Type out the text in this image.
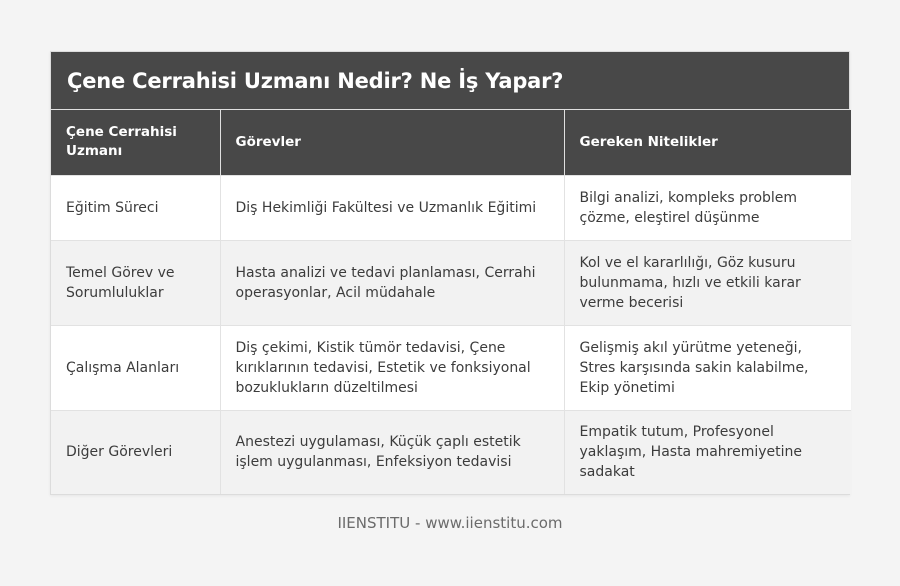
Çene Cerrahisi Uzmanı Nedir? Ne İş Yapar?
Çene Cerrahisi Uzmanı	Görevler	Gereken Nitelikler
Eğitim Süreci	Diş Hekimliği Fakültesi ve Uzmanlık Eğitimi	Bilgi analizi, kompleks problem çözme, eleştirel düşünme
Temel Görev ve Sorumluluklar	Hasta analizi ve tedavi planlaması, Cerrahi operasyonlar, Acil müdahale	Kol ve el kararlılığı, Göz kusuru bulunmama, hızlı ve etkili karar verme becerisi
Çalışma Alanları	Diş çekimi, Kistik tümör tedavisi, Çene kırıklarının tedavisi, Estetik ve fonksiyonal bozuklukların düzeltilmesi	Gelişmiş akıl yürütme yeteneği, Stres karşısında sakin kalabilme, Ekip yönetimi
Diğer Görevleri	Anestezi uygulaması, Küçük çaplı estetik işlem uygulanması, Enfeksiyon tedavisi	Empatik tutum, Profesyonel yaklaşım, Hasta mahremiyetine sadakat
IIENSTITU - www.iienstitu.com
